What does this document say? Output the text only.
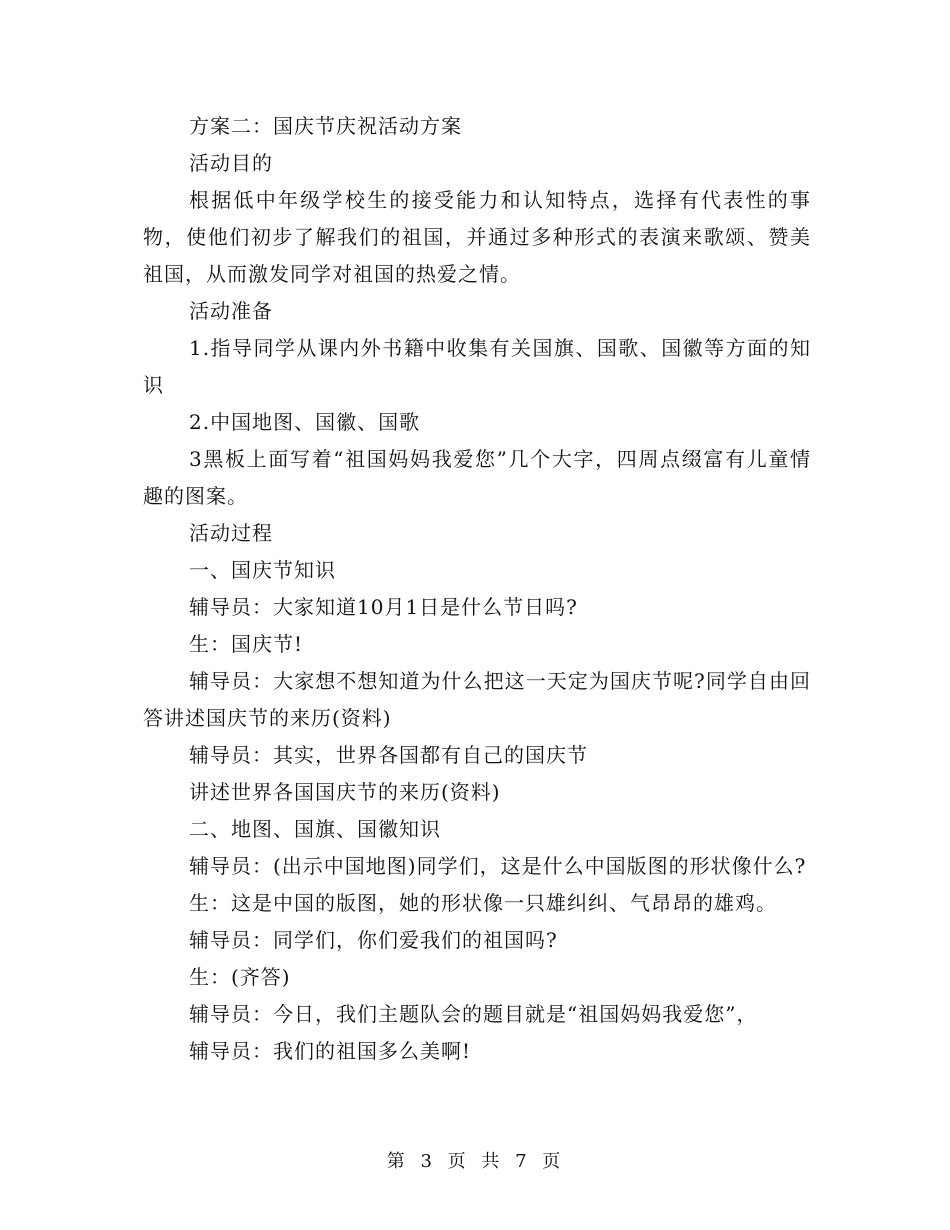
方案二：国庆节庆祝活动方案

活动目的

根据低中年级学校生的接受能力和认知特点，选择有代表性的事物，使他们初步了解我们的祖国，并通过多种形式的表演来歌颂、赞美祖国，从而激发同学对祖国的热爱之情。

活动准备

1.指导同学从课内外书籍中收集有关国旗、国歌、国徽等方面的知识

2.中国地图、国徽、国歌

3黑板上面写着“祖国妈妈我爱您”几个大字，四周点缀富有儿童情趣的图案。

活动过程

一、国庆节知识

辅导员：大家知道10月1日是什么节日吗?

生：国庆节!

辅导员：大家想不想知道为什么把这一天定为国庆节呢?同学自由回答讲述国庆节的来历(资料)

辅导员：其实，世界各国都有自己的国庆节

讲述世界各国国庆节的来历(资料)

二、地图、国旗、国徽知识

辅导员：(出示中国地图)同学们，这是什么中国版图的形状像什么?

生：这是中国的版图，她的形状像一只雄纠纠、气昂昂的雄鸡。

辅导员：同学们，你们爱我们的祖国吗?

生：(齐答)

辅导员：今日，我们主题队会的题目就是“祖国妈妈我爱您”，

辅导员：我们的祖国多么美啊!

第 3 页 共 7 页
